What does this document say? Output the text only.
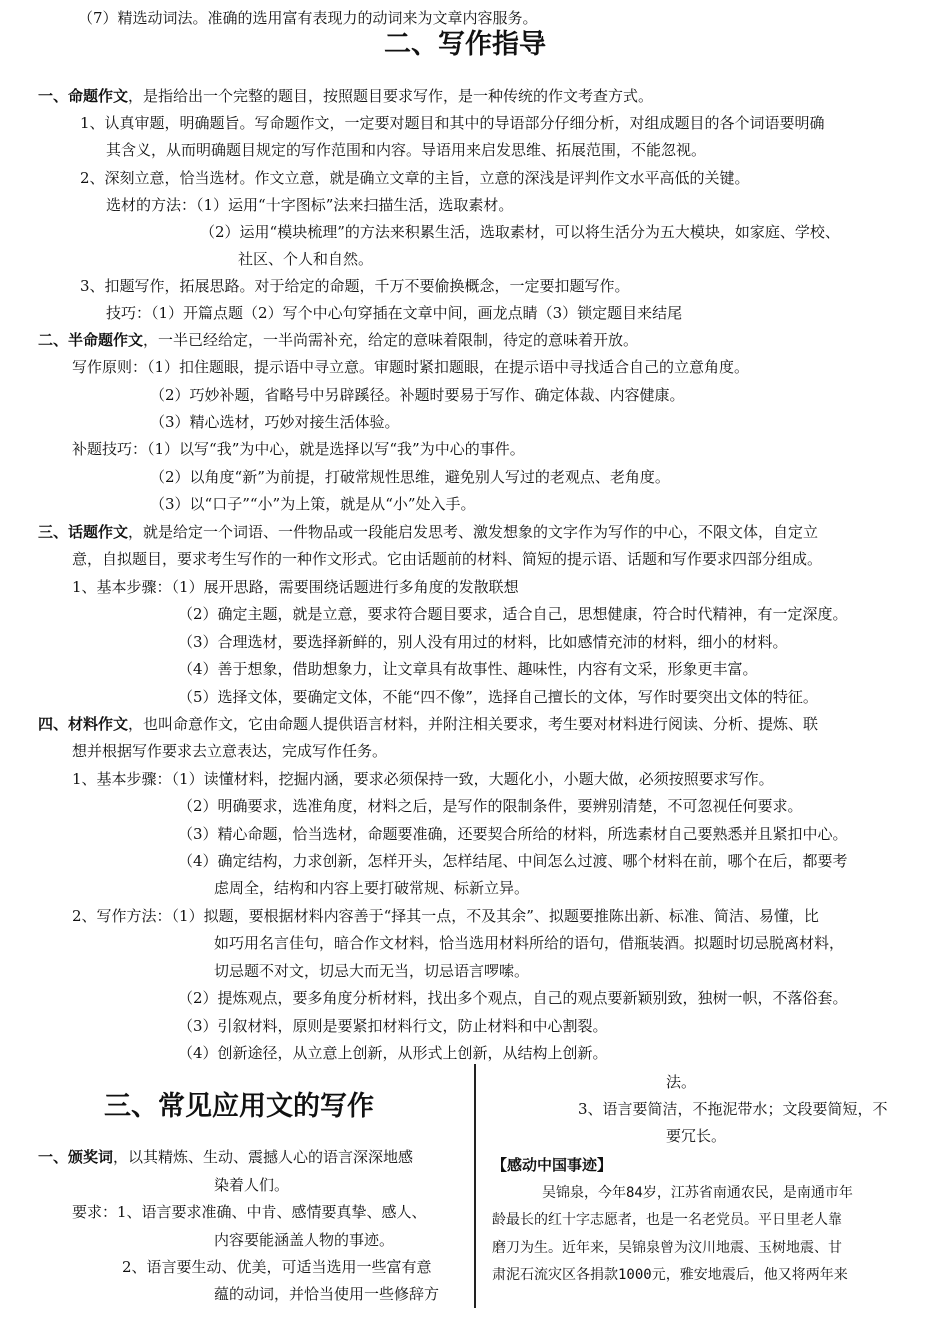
二、写作指导
三、常见应用文的写作
（7）精选动词法。准确的选用富有表现力的动词来为文章内容服务。
一、命题作文，是指给出一个完整的题目，按照题目要求写作，是一种传统的作文考查方式。
1、认真审题，明确题旨。写命题作文，一定要对题目和其中的导语部分仔细分析，对组成题目的各个词语要明确
其含义，从而明确题目规定的写作范围和内容。导语用来启发思维、拓展范围，不能忽视。
2、深刻立意，恰当选材。作文立意，就是确立文章的主旨，立意的深浅是评判作文水平高低的关键。
选材的方法：（1）运用“十字图标”法来扫描生活，选取素材。
（2）运用“模块梳理”的方法来积累生活，选取素材，可以将生活分为五大模块，如家庭、学校、
社区、个人和自然。
3、扣题写作，拓展思路。对于给定的命题，千万不要偷换概念，一定要扣题写作。
技巧：（1）开篇点题（2）写个中心句穿插在文章中间，画龙点睛（3）锁定题目来结尾
二、半命题作文，一半已经给定，一半尚需补充，给定的意味着限制，待定的意味着开放。
写作原则：（1）扣住题眼，提示语中寻立意。审题时紧扣题眼，在提示语中寻找适合自己的立意角度。
（2）巧妙补题，省略号中另辟蹊径。补题时要易于写作、确定体裁、内容健康。
（3）精心选材，巧妙对接生活体验。
补题技巧：（1）以写“我”为中心，就是选择以写“我”为中心的事件。
（2）以角度“新”为前提，打破常规性思维，避免别人写过的老观点、老角度。
（3）以“口子”“小”为上策，就是从“小”处入手。
三、话题作文，就是给定一个词语、一件物品或一段能启发思考、激发想象的文字作为写作的中心，不限文体，自定立
意，自拟题目，要求考生写作的一种作文形式。它由话题前的材料、简短的提示语、话题和写作要求四部分组成。
1、基本步骤：（1）展开思路，需要围绕话题进行多角度的发散联想
（2）确定主题，就是立意，要求符合题目要求，适合自己，思想健康，符合时代精神，有一定深度。
（3）合理选材，要选择新鲜的，别人没有用过的材料，比如感情充沛的材料，细小的材料。
（4）善于想象，借助想象力，让文章具有故事性、趣味性，内容有文采，形象更丰富。
（5）选择文体，要确定文体，不能“四不像”，选择自己擅长的文体，写作时要突出文体的特征。
四、材料作文，也叫命意作文，它由命题人提供语言材料，并附注相关要求，考生要对材料进行阅读、分析、提炼、联
想并根据写作要求去立意表达，完成写作任务。
1、基本步骤：（1）读懂材料，挖掘内涵，要求必须保持一致，大题化小，小题大做，必须按照要求写作。
（2）明确要求，选准角度，材料之后，是写作的限制条件，要辨别清楚，不可忽视任何要求。
（3）精心命题，恰当选材，命题要准确，还要契合所给的材料，所选素材自己要熟悉并且紧扣中心。
（4）确定结构，力求创新，怎样开头，怎样结尾、中间怎么过渡、哪个材料在前，哪个在后，都要考
虑周全，结构和内容上要打破常规、标新立异。
2、写作方法：（1）拟题，要根据材料内容善于“择其一点，不及其余”、拟题要推陈出新、标准、简洁、易懂，比
如巧用名言佳句，暗合作文材料，恰当选用材料所给的语句，借瓶装酒。拟题时切忌脱离材料，
切忌题不对文，切忌大而无当，切忌语言啰嗦。
（2）提炼观点，要多角度分析材料，找出多个观点，自己的观点要新颖别致，独树一帜，不落俗套。
（3）引叙材料，原则是要紧扣材料行文，防止材料和中心割裂。
（4）创新途径，从立意上创新，从形式上创新，从结构上创新。
一、颁奖词，以其精炼、生动、震撼人心的语言深深地感
染着人们。
要求：1、语言要求准确、中肯、感情要真挚、感人、
内容要能涵盖人物的事迹。
2、语言要生动、优美，可适当选用一些富有意
蕴的动词，并恰当使用一些修辞方
法。
3、语言要简洁，不拖泥带水；文段要简短，不
要冗长。
【感动中国事迹】
吴锦泉，今年84岁，江苏省南通农民，是南通市年
龄最长的红十字志愿者，也是一名老党员。平日里老人靠
磨刀为生。近年来，吴锦泉曾为汶川地震、玉树地震、甘
肃泥石流灾区各捐款1000元，雅安地震后，他又将两年来
